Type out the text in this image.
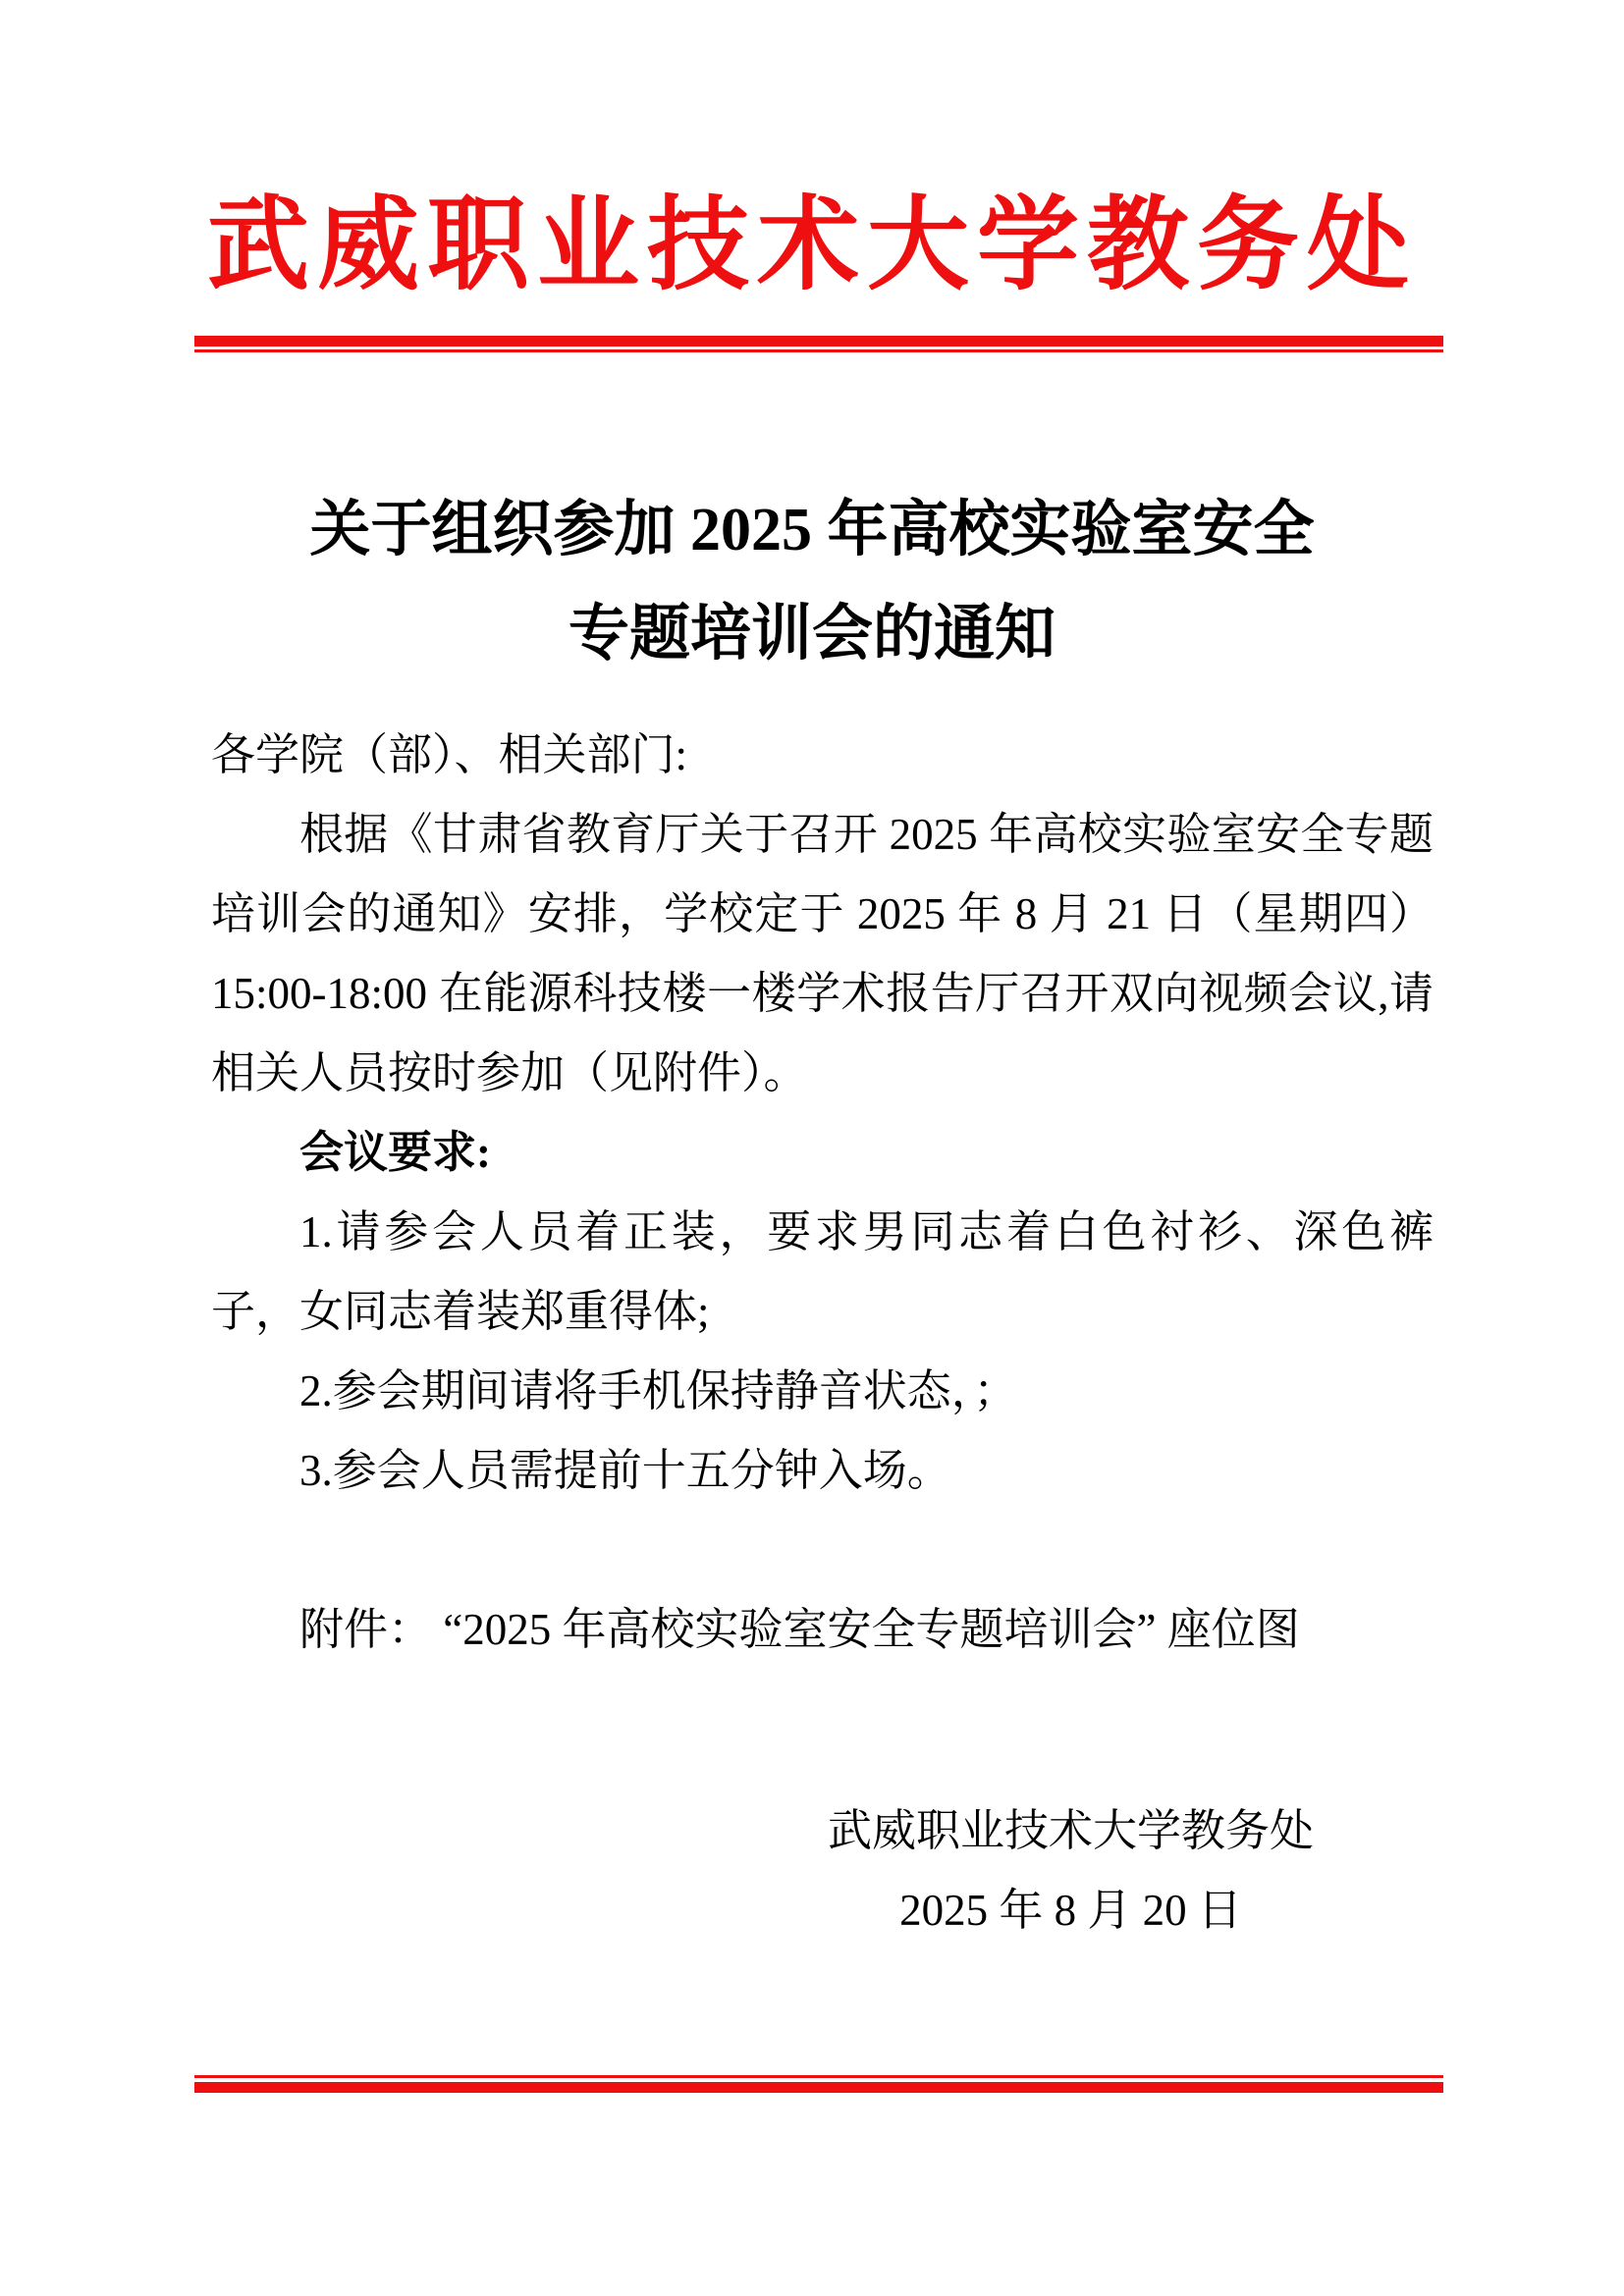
武威职业技术大学教务处
关于组织参加 2025 年高校实验室安全
专题培训会的通知

各学院（部）、相关部门:

根据《甘肃省教育厅关于召开 2025 年高校实验室安全专题培训会的通知》安排，学校定于 2025 年 8 月 21 日（星期四）15:00-18:00 在能源科技楼一楼学术报告厅召开双向视频会议,请相关人员按时参加（见附件）。

会议要求:

1.请参会人员着正装，要求男同志着白色衬衫、深色裤子，女同志着装郑重得体;

2.参会期间请将手机保持静音状态，；

3.参会人员需提前十五分钟入场。

附件： “2025 年高校实验室安全专题培训会” 座位图

武威职业技术大学教务处
2025 年 8 月 20 日
